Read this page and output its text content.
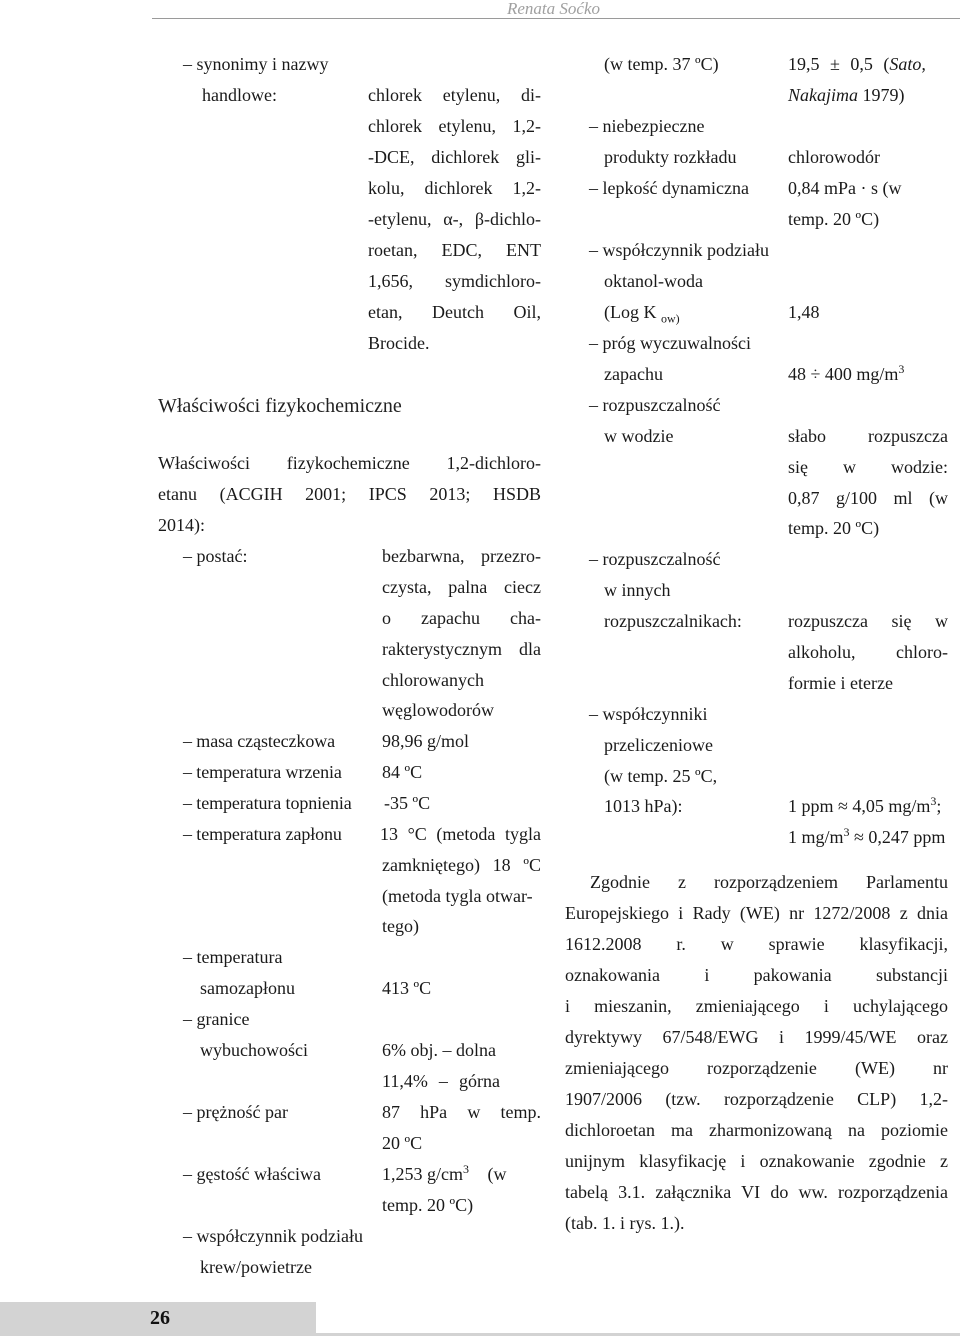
Renata Soćko
– synonimy i nazwy
handlowe:	chlorek etylenu, di-
chlorek etylenu, 1,2-
-DCE, dichlorek gli-
kolu, dichlorek 1,2-
-etylenu, α-, β-dichlo-
roetan, EDC, ENT
1,656, symdichloro-
etan, Deutch Oil,
Brocide.
Właściwości fizykochemiczne
Właściwości fizykochemiczne 1,2-dichloro-
etanu (ACGIH 2001; IPCS 2013; HSDB
2014):
– postać:	bezbarwna, przezro-
czysta, palna ciecz
o zapachu cha-
rakterystycznym dla
chlorowanych
węglowodorów
– masa cząsteczkowa	98,96 g/mol
– temperatura wrzenia 84 ºC
– temperatura topnienia -35 ºC
– temperatura zapłonu 13 °C (metoda tygla
zamkniętego) 18 ºC
(metoda tygla otwar-
tego)
– temperatura
samozapłonu	413 ºC
– granice
wybuchowości	6% obj. – dolna
11,4% – górna
– prężność par	87 hPa w temp.
20 ºC
– gęstość właściwa	1,253 $g/cm^3$ (w
temp. 20 ºC)
– współczynnik podziału
krew/powietrze
(w temp. 37 ºC)	19,5 ± 0,5 (Sato,
Nakajima 1979)
– niebezpieczne
produkty rozkładu	chlorowodór
– lepkość dynamiczna 0,84 mPa · s (w
temp. 20 ºC)
– współczynnik podziału
oktanol-woda
(Log K $_{ow)}$	1,48
– próg wyczuwalności
zapachu	48 ÷ 400 $mg/m^3$
– rozpuszczalność
w wodzie	słabo rozpuszcza
się w wodzie:
0,87 g/100 ml (w
temp. 20 ºC)
– rozpuszczalność
w innych
rozpuszczalnikach:	rozpuszcza się w
alkoholu, chloro-
formie i eterze
– współczynniki
przeliczeniowe
(w temp. 25 ºC,
1013 hPa):	1 ppm ≈ 4,05 $mg/m^3$;
1 $mg/m^3 \approx 0,247$ ppm
Zgodnie z rozporządzeniem Parlamentu
Europejskiego i Rady (WE) nr 1272/2008 z dnia
1612.2008 r. w sprawie klasyfikacji,
oznakowania i pakowania substancji
i mieszanin, zmieniającego i uchylającego
dyrektywy 67/548/EWG i 1999/45/WE oraz
zmieniającego rozporządzenie (WE) nr
1907/2006 (tzw. rozporządzenie CLP) 1,2-
dichloroetan ma zharmonizowaną na poziomie
unijnym klasyfikację i oznakowanie zgodnie z
tabelą 3.1. załącznika VI do ww. rozporządzenia
(tab. 1. i rys. 1.).
26
